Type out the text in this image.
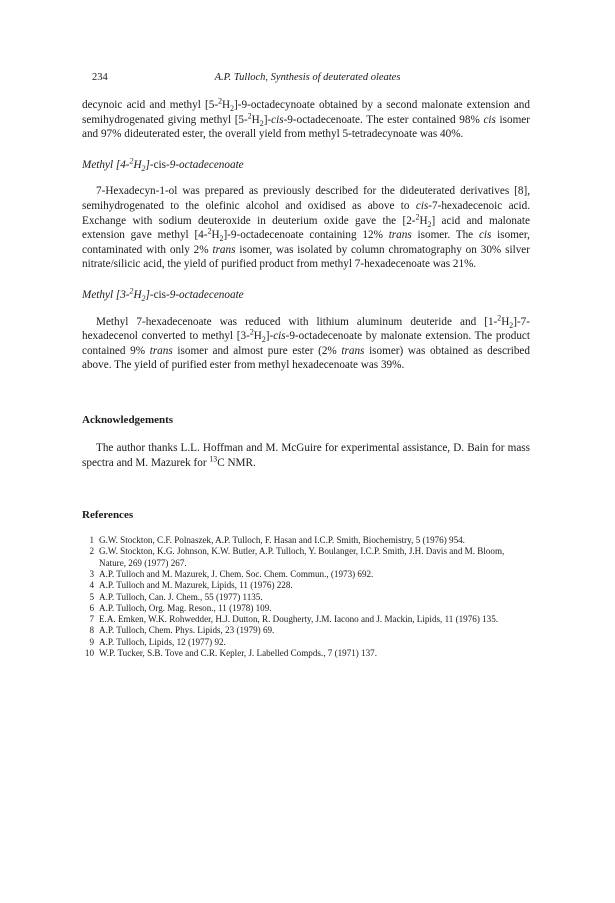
234	A.P. Tulloch, Synthesis of deuterated oleates

decynoic acid and methyl $[5-^2H_2]-9$-octadecynoate obtained by a second malonate extension and semihydrogenated giving methyl $[5-^2H_2]-cis-9$-octadecenoate. The ester contained 98% cis isomer and 97% dideuterated ester, the overall yield from methyl 5-tetradecynoate was 40%.

Methyl $[4-^2H_2]-cis-9$-octadecenoate

7-Hexadecyn-1-ol was prepared as previously described for the dideuterated derivatives [8], semihydrogenated to the olefinic alcohol and oxidised as above to cis-7-hexadecenoic acid. Exchange with sodium deuteroxide in deuterium oxide gave the $[2-^2H_2]$ acid and malonate extension gave methyl $[4-^2H_2]-9$-octadecenoate containing 12% trans isomer. The cis isomer, contaminated with only 2% trans isomer, was isolated by column chromatography on 30% silver nitrate/silicic acid, the yield of purified product from methyl 7-hexadecenoate was 21%.

Methyl $[3-^2H_2]-cis-9$-octadecenoate

Methyl 7-hexadecenoate was reduced with lithium aluminum deuteride and $[1-^2H_2]-7$-hexadecenol converted to methyl $[3-^2H_2]-cis-9$-octadecenoate by malonate extension. The product contained 9% trans isomer and almost pure ester (2% trans isomer) was obtained as described above. The yield of purified ester from methyl hexadecenoate was 39%.

Acknowledgements

The author thanks L.L. Hoffman and M. McGuire for experimental assistance, D. Bain for mass spectra and M. Mazurek for $^{13}$C NMR.

References
1 G.W. Stockton, C.F. Polnaszek, A.P. Tulloch, F. Hasan and I.C.P. Smith, Biochemistry, 5 (1976) 954.
2 G.W. Stockton, K.G. Johnson, K.W. Butler, A.P. Tulloch, Y. Boulanger, I.C.P. Smith, J.H. Davis and M. Bloom, Nature, 269 (1977) 267.
3 A.P. Tulloch and M. Mazurek, J. Chem. Soc. Chem. Commun., (1973) 692.
4 A.P. Tulloch and M. Mazurek, Lipids, 11 (1976) 228.
5 A.P. Tulloch, Can. J. Chem., 55 (1977) 1135.
6 A.P. Tulloch, Org. Mag. Reson., 11 (1978) 109.
7 E.A. Emken, W.K. Rohwedder, H.J. Dutton, R. Dougherty, J.M. Iacono and J. Mackin, Lipids, 11 (1976) 135.
8 A.P. Tulloch, Chem. Phys. Lipids, 23 (1979) 69.
9 A.P. Tulloch, Lipids, 12 (1977) 92.
10 W.P. Tucker, S.B. Tove and C.R. Kepler, J. Labelled Compds., 7 (1971) 137.
